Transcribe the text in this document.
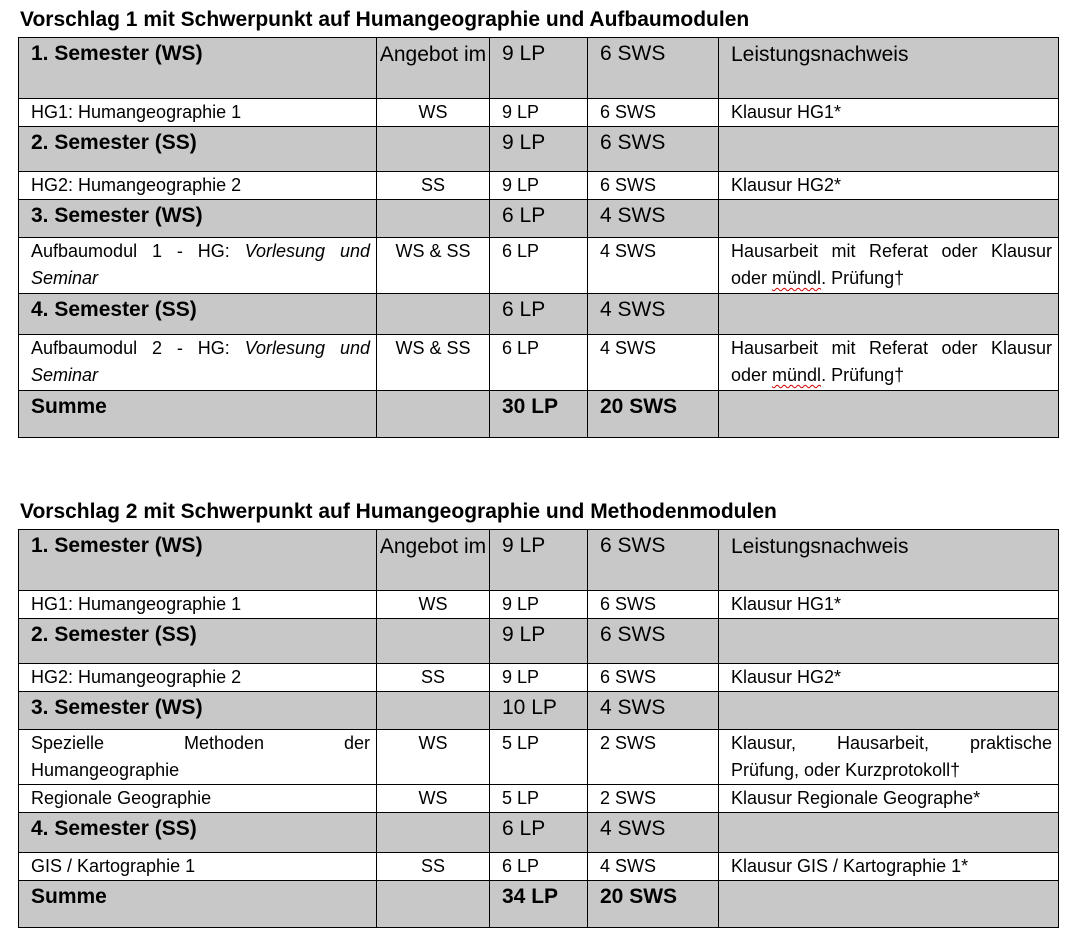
Vorschlag 1 mit Schwerpunkt auf Humangeographie und Aufbaumodulen
1. Semester (WS)	Angebot im	9 LP	6 SWS	Leistungsnachweis
HG1: Humangeographie 1	WS	9 LP	6 SWS	Klausur HG1*
2. Semester (SS)		9 LP	6 SWS	
HG2: Humangeographie 2	SS	9 LP	6 SWS	Klausur HG2*
3. Semester (WS)		6 LP	4 SWS	
Aufbaumodul 1 - HG: Vorlesung und Seminar	WS & SS	6 LP	4 SWS	Hausarbeit mit Referat oder Klausur oder mündl. Prüfung†
4. Semester (SS)		6 LP	4 SWS	
Aufbaumodul 2 - HG: Vorlesung und Seminar	WS & SS	6 LP	4 SWS	Hausarbeit mit Referat oder Klausur oder mündl. Prüfung†
Summe		30 LP	20 SWS	
Vorschlag 2 mit Schwerpunkt auf Humangeographie und Methodenmodulen
1. Semester (WS)	Angebot im	9 LP	6 SWS	Leistungsnachweis
HG1: Humangeographie 1	WS	9 LP	6 SWS	Klausur HG1*
2. Semester (SS)		9 LP	6 SWS	
HG2: Humangeographie 2	SS	9 LP	6 SWS	Klausur HG2*
3. Semester (WS)		10 LP	4 SWS	
Spezielle Methoden der Humangeographie	WS	5 LP	2 SWS	Klausur, Hausarbeit, praktische Prüfung, oder Kurzprotokoll†
Regionale Geographie	WS	5 LP	2 SWS	Klausur Regionale Geographe*
4. Semester (SS)		6 LP	4 SWS	
GIS / Kartographie 1	SS	6 LP	4 SWS	Klausur GIS / Kartographie 1*
Summe		34 LP	20 SWS	
